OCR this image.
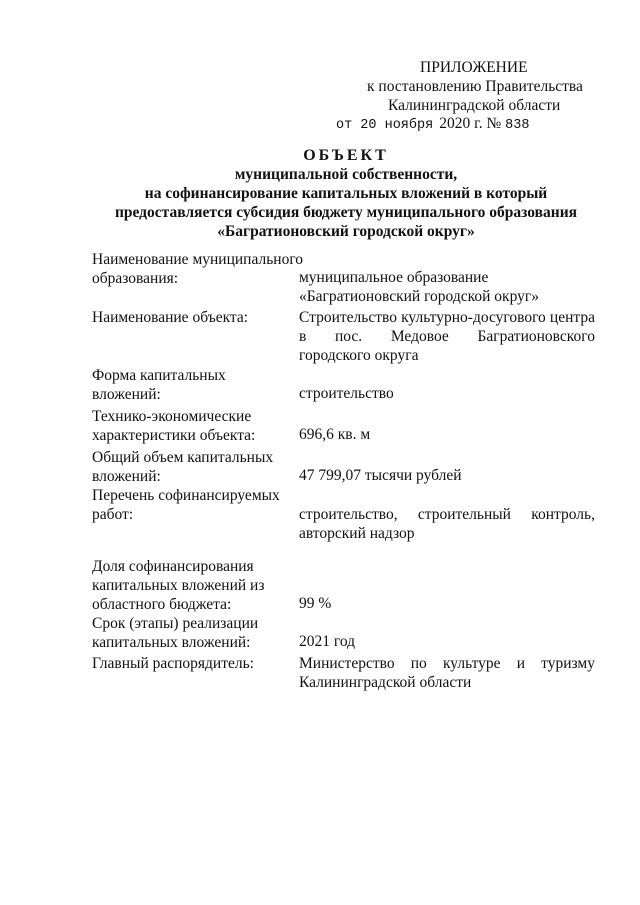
ПРИЛОЖЕНИЕ
к постановлению Правительства
Калининградской области
от 20 ноября 2020 г. № 838
ОБЪЕКТ
муниципальной собственности,
на софинансирование капитальных вложений в который
предоставляется субсидия бюджету муниципального образования
«Багратионовский городской округ»
Наименование муниципального образования:	муниципальное образование «Багратионовский городской округ»
Наименование объекта:	Строительство культурно-досугового центра в пос. Медовое Багратионовского городского округа
Форма капитальных вложений:	строительство
Технико-экономические характеристики объекта:	696,6 кв. м
Общий объем капитальных вложений:	47 799,07 тысячи рублей
Перечень софинансируемых работ:	строительство, строительный контроль,
авторский надзор
Доля софинансирования капитальных вложений из областного бюджета:	99 %
Срок (этапы) реализации капитальных вложений:	2021 год
Главный распорядитель:	Министерство по культуре и туризму Калининградской области
